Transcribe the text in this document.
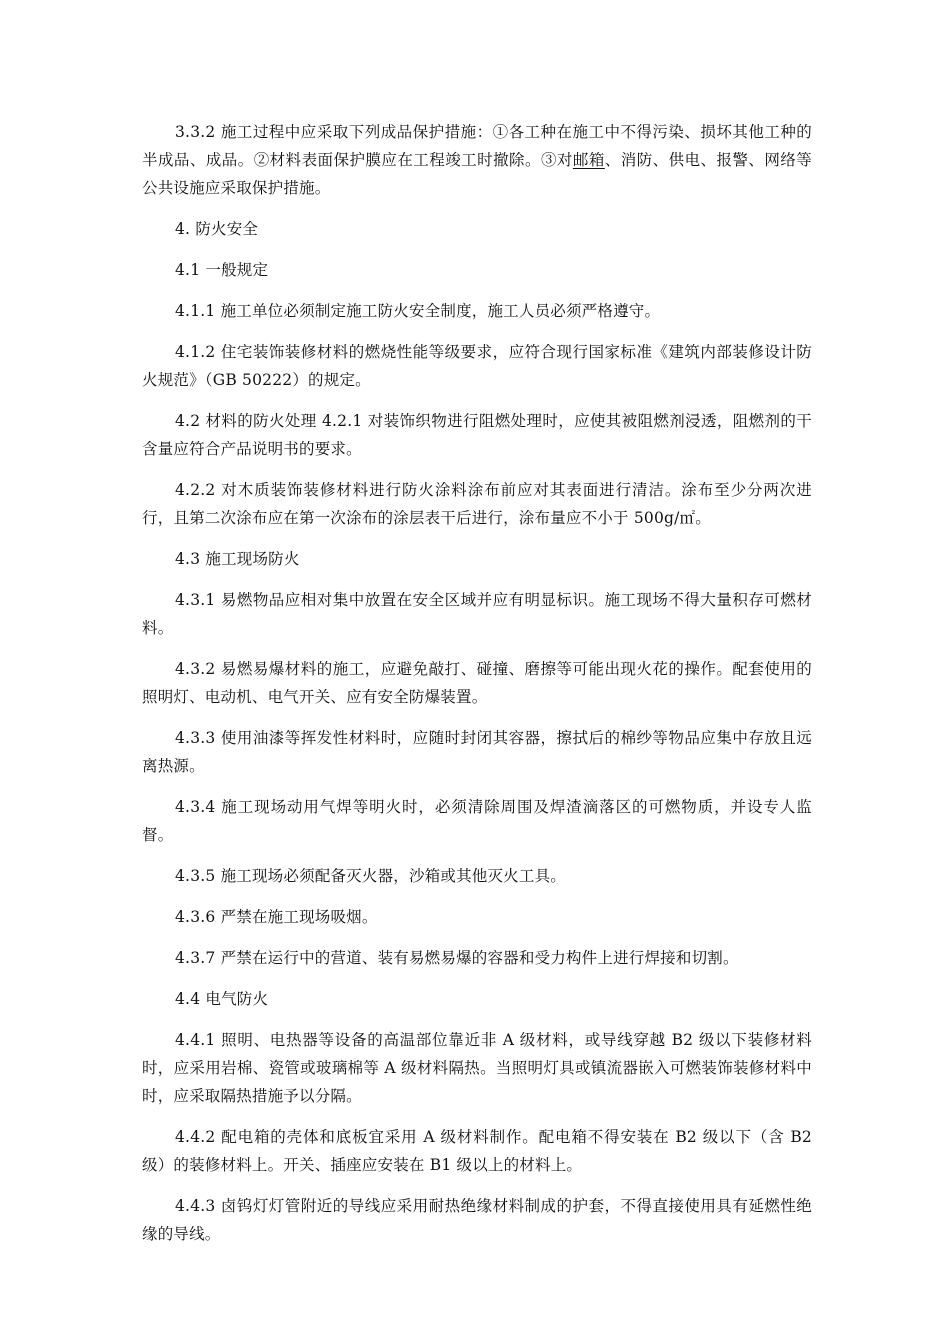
3.3.2 施工过程中应采取下列成品保护措施：①各工种在施工中不得污染、损坏其他工种的半成品、成品。②材料表面保护膜应在工程竣工时撤除。③对邮箱、消防、供电、报警、网络等公共设施应采取保护措施。

4. 防火安全

4.1 一般规定

4.1.1 施工单位必须制定施工防火安全制度，施工人员必须严格遵守。

4.1.2 住宅装饰装修材料的燃烧性能等级要求，应符合现行国家标准《建筑内部装修设计防火规范》（GB 50222）的规定。

4.2 材料的防火处理 4.2.1 对装饰织物进行阻燃处理时，应使其被阻燃剂浸透，阻燃剂的干含量应符合产品说明书的要求。

4.2.2 对木质装饰装修材料进行防火涂料涂布前应对其表面进行清洁。涂布至少分两次进行，且第二次涂布应在第一次涂布的涂层表干后进行，涂布量应不小于 500g/㎡。

4.3 施工现场防火

4.3.1 易燃物品应相对集中放置在安全区域并应有明显标识。施工现场不得大量积存可燃材料。

4.3.2 易燃易爆材料的施工，应避免敲打、碰撞、磨擦等可能出现火花的操作。配套使用的照明灯、电动机、电气开关、应有安全防爆装置。

4.3.3 使用油漆等挥发性材料时，应随时封闭其容器，擦拭后的棉纱等物品应集中存放且远离热源。

4.3.4 施工现场动用气焊等明火时，必须清除周围及焊渣滴落区的可燃物质，并设专人监督。

4.3.5 施工现场必须配备灭火器，沙箱或其他灭火工具。

4.3.6 严禁在施工现场吸烟。

4.3.7 严禁在运行中的营道、装有易燃易爆的容器和受力构件上进行焊接和切割。

4.4 电气防火

4.4.1 照明、电热器等设备的高温部位靠近非 A 级材料，或导线穿越 B2 级以下装修材料时，应采用岩棉、瓷管或玻璃棉等 A 级材料隔热。当照明灯具或镇流器嵌入可燃装饰装修材料中时，应采取隔热措施予以分隔。

4.4.2 配电箱的壳体和底板宜采用 A 级材料制作。配电箱不得安装在 B2 级以下（含 B2 级）的装修材料上。开关、插座应安装在 B1 级以上的材料上。

4.4.3 卤钨灯灯管附近的导线应采用耐热绝缘材料制成的护套，不得直接使用具有延燃性绝缘的导线。
